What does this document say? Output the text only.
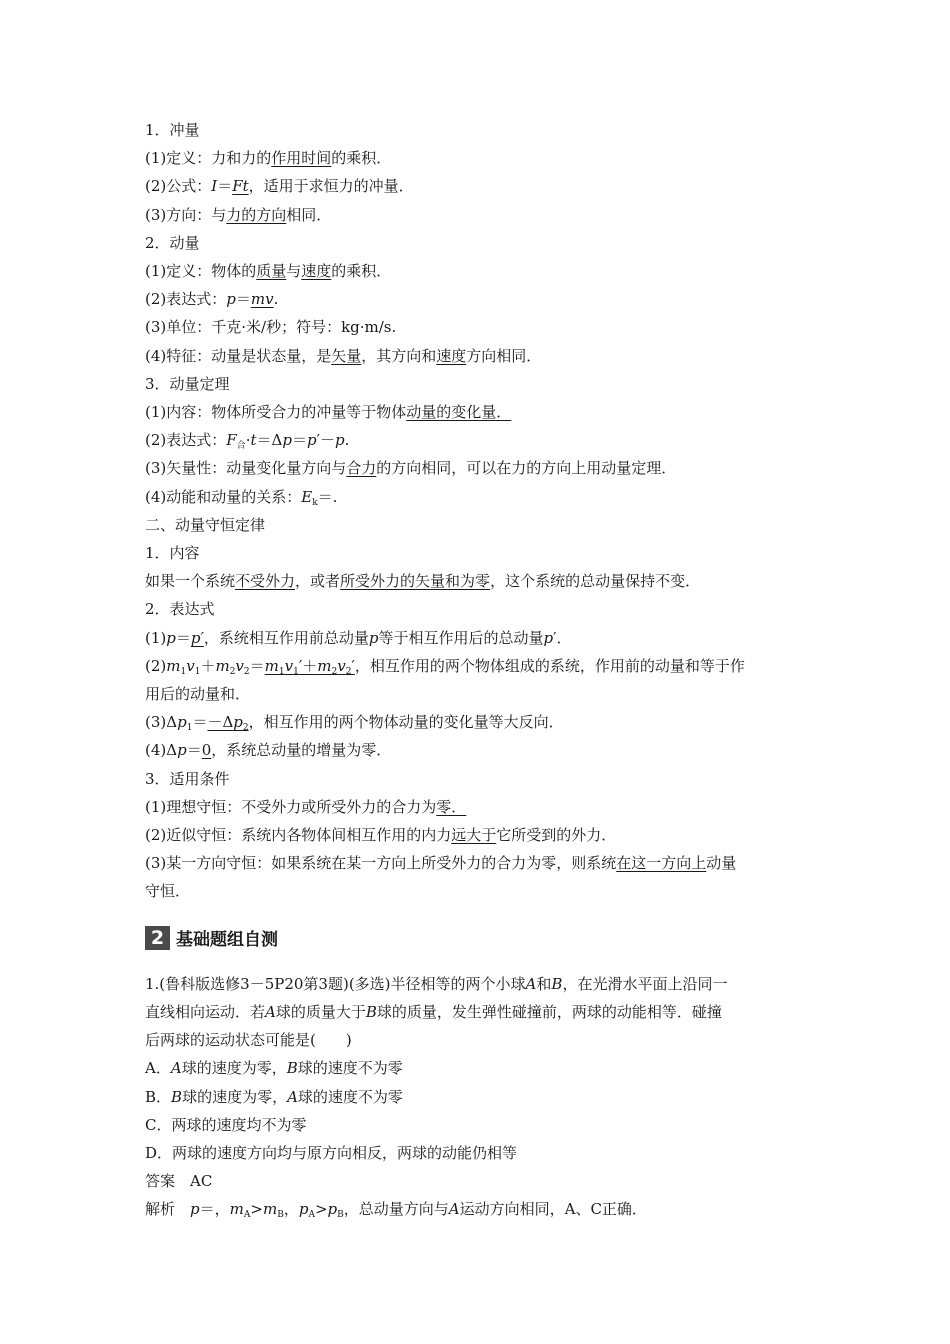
1．冲量
(1)定义：力和力的作用时间的乘积．
(2)公式：I＝Ft，适用于求恒力的冲量．
(3)方向：与力的方向相同．
2．动量
(1)定义：物体的质量与速度的乘积．
(2)表达式：p＝mv.
(3)单位：千克·米/秒；符号：kg·m/s.
(4)特征：动量是状态量，是矢量，其方向和速度方向相同．
3．动量定理
(1)内容：物体所受合力的冲量等于物体动量的变化量．
(2)表达式：$F_合\cdot t=\Delta p=p'-p$.
(3)矢量性：动量变化量方向与合力的方向相同，可以在力的方向上用动量定理．
(4)动能和动量的关系：$E_k=$.
二、动量守恒定律
1．内容
如果一个系统不受外力，或者所受外力的矢量和为零，这个系统的总动量保持不变．
2．表达式
(1)p＝p′，系统相互作用前总动量p等于相互作用后的总动量p′．
$(2)m_1v_1+m_2v_2=m_1v_1'+m_2v_2'$，相互作用的两个物体组成的系统，作用前的动量和等于作
用后的动量和．
$(3)\Delta p_1=-\Delta p_2$，相互作用的两个物体动量的变化量等大反向．
(4)Δp＝0，系统总动量的增量为零．
3．适用条件
(1)理想守恒：不受外力或所受外力的合力为零．
(2)近似守恒：系统内各物体间相互作用的内力远大于它所受到的外力．
(3)某一方向守恒：如果系统在某一方向上所受外力的合力为零，则系统在这一方向上动量
守恒．
2 基础题组自测
1.(鲁科版选修3－5P20第3题)(多选)半径相等的两个小球A和B，在光滑水平面上沿同一
直线相向运动．若A球的质量大于B球的质量，发生弹性碰撞前，两球的动能相等．碰撞
后两球的运动状态可能是(　　)
A．A球的速度为零，B球的速度不为零
B．B球的速度为零，A球的速度不为零
C．两球的速度均不为零
D．两球的速度方向均与原方向相反，两球的动能仍相等
答案　AC
解析　p＝，$m_A>m_B$，$p_A>p_B$，总动量方向与A运动方向相同，A、C正确．
